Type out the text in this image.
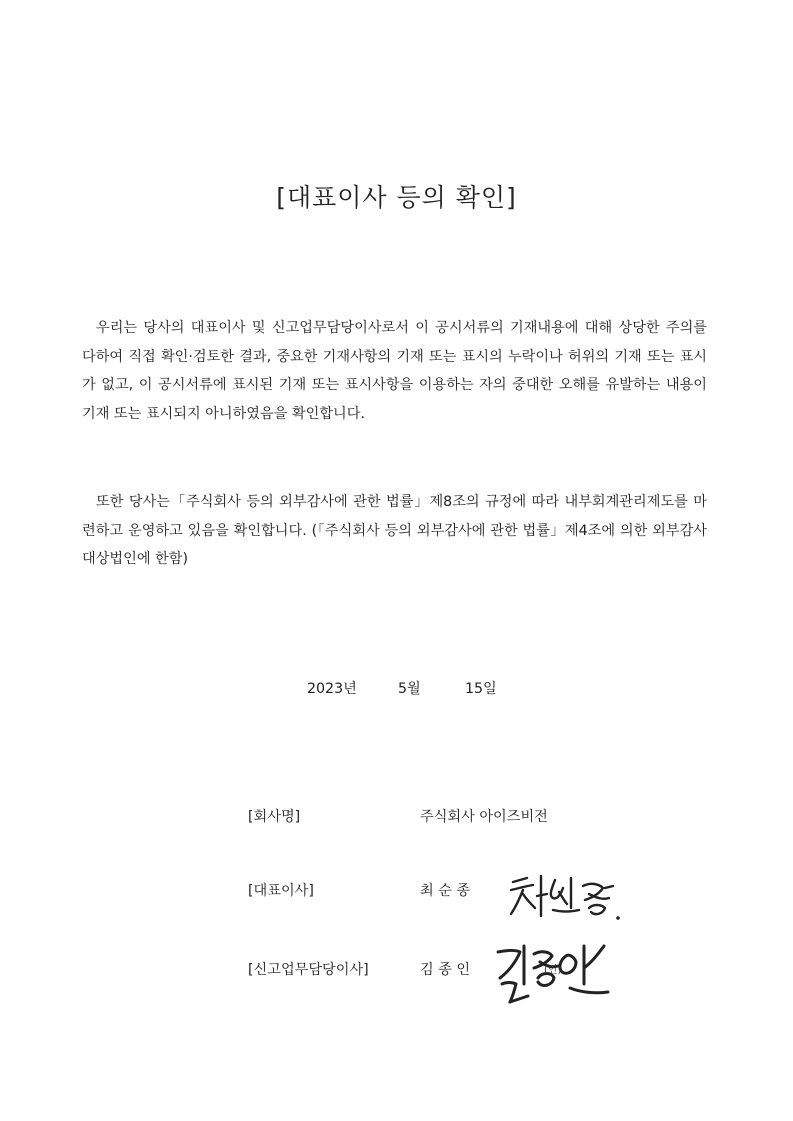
[대표이사 등의 확인]
우리는 당사의 대표이사 및 신고업무담당이사로서 이 공시서류의 기재내용에 대해 상당한 주의를 다하여 직접 확인·검토한 결과, 중요한 기재사항의 기재 또는 표시의 누락이나 허위의 기재 또는 표시가 없고, 이 공시서류에 표시된 기재 또는 표시사항을 이용하는 자의 중대한 오해를 유발하는 내용이 기재 또는 표시되지 아니하였음을 확인합니다.
또한 당사는「주식회사 등의 외부감사에 관한 법률」제8조의 규정에 따라 내부회계관리제도를 마련하고 운영하고 있음을 확인합니다. (「주식회사 등의 외부감사에 관한 법률」제4조에 의한 외부감사대상법인에 한함)
2023년	5월	15일
[회사명]	주식회사 아이즈비전
[대표이사]	최 순 종
[신고업무담당이사]	김 종 인	(인)
